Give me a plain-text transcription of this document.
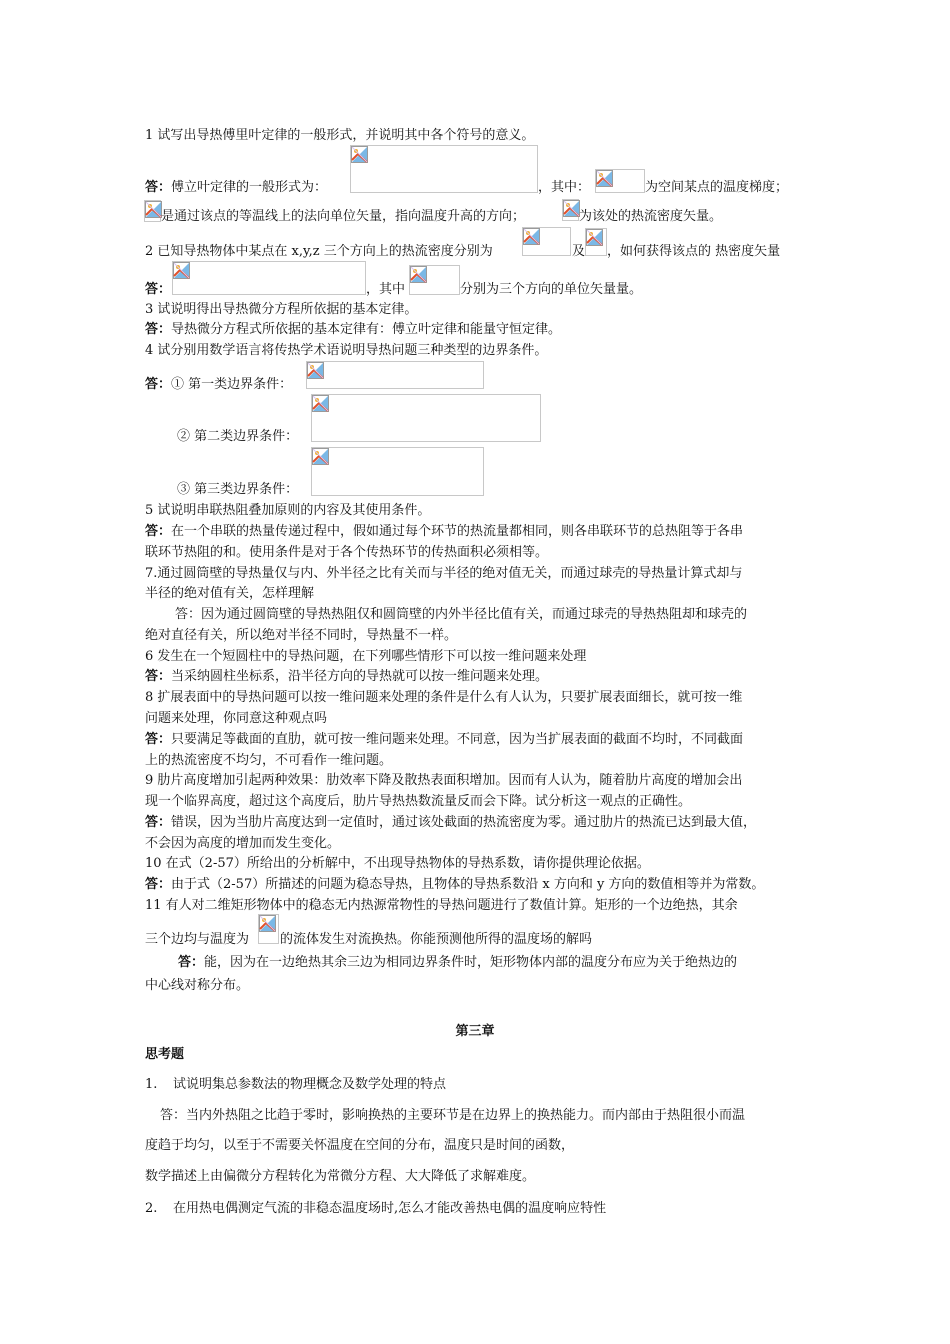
1 试写出导热傅里叶定律的一般形式，并说明其中各个符号的意义。
答：傅立叶定律的一般形式为：	，其中：	为空间某点的温度梯度；
是通过该点的等温线上的法向单位矢量，指向温度升高的方向；	为该处的热流密度矢量。
2 已知导热物体中某点在 x,y,z 三个方向上的热流密度分别为	及 ，如何获得该点的 热密度矢量
答：	，其中	分别为三个方向的单位矢量量。
3 试说明得出导热微分方程所依据的基本定律。
答：导热微分方程式所依据的基本定律有：傅立叶定律和能量守恒定律。
4 试分别用数学语言将传热学术语说明导热问题三种类型的边界条件。
答：① 第一类边界条件：
② 第二类边界条件：
③ 第三类边界条件：
5 试说明串联热阻叠加原则的内容及其使用条件。
答：在一个串联的热量传递过程中，假如通过每个环节的热流量都相同，则各串联环节的总热阻等于各串
联环节热阻的和。使用条件是对于各个传热环节的传热面积必须相等。
7.通过圆筒壁的导热量仅与内、外半径之比有关而与半径的绝对值无关，而通过球壳的导热量计算式却与
半径的绝对值有关，怎样理解
答：因为通过圆筒壁的导热热阻仅和圆筒壁的内外半径比值有关，而通过球壳的导热热阻却和球壳的
绝对直径有关，所以绝对半径不同时，导热量不一样。
6 发生在一个短圆柱中的导热问题，在下列哪些情形下可以按一维问题来处理
答：当采纳圆柱坐标系，沿半径方向的导热就可以按一维问题来处理。
8 扩展表面中的导热问题可以按一维问题来处理的条件是什么有人认为，只要扩展表面细长，就可按一维
问题来处理，你同意这种观点吗
答：只要满足等截面的直肋，就可按一维问题来处理。不同意，因为当扩展表面的截面不均时，不同截面
上的热流密度不均匀，不可看作一维问题。
9 肋片高度增加引起两种效果：肋效率下降及散热表面积增加。因而有人认为，随着肋片高度的增加会出
现一个临界高度，超过这个高度后，肋片导热热数流量反而会下降。试分析这一观点的正确性。
答：错误，因为当肋片高度达到一定值时，通过该处截面的热流密度为零。通过肋片的热流已达到最大值，
不会因为高度的增加而发生变化。
10 在式（2-57）所给出的分析解中，不出现导热物体的导热系数，请你提供理论依据。
答：由于式（2-57）所描述的问题为稳态导热，且物体的导热系数沿 x 方向和 y 方向的数值相等并为常数。
11 有人对二维矩形物体中的稳态无内热源常物性的导热问题进行了数值计算。矩形的一个边绝热，其余
三个边均与温度为 的流体发生对流换热。你能预测他所得的温度场的解吗
答：能，因为在一边绝热其余三边为相同边界条件时，矩形物体内部的温度分布应为关于绝热边的
中心线对称分布。
第三章
思考题
1. 试说明集总参数法的物理概念及数学处理的特点
答：当内外热阻之比趋于零时，影响换热的主要环节是在边界上的换热能力。而内部由于热阻很小而温
度趋于均匀，以至于不需要关怀温度在空间的分布，温度只是时间的函数，
数学描述上由偏微分方程转化为常微分方程、大大降低了求解难度。
2. 在用热电偶测定气流的非稳态温度场时,怎么才能改善热电偶的温度响应特性
